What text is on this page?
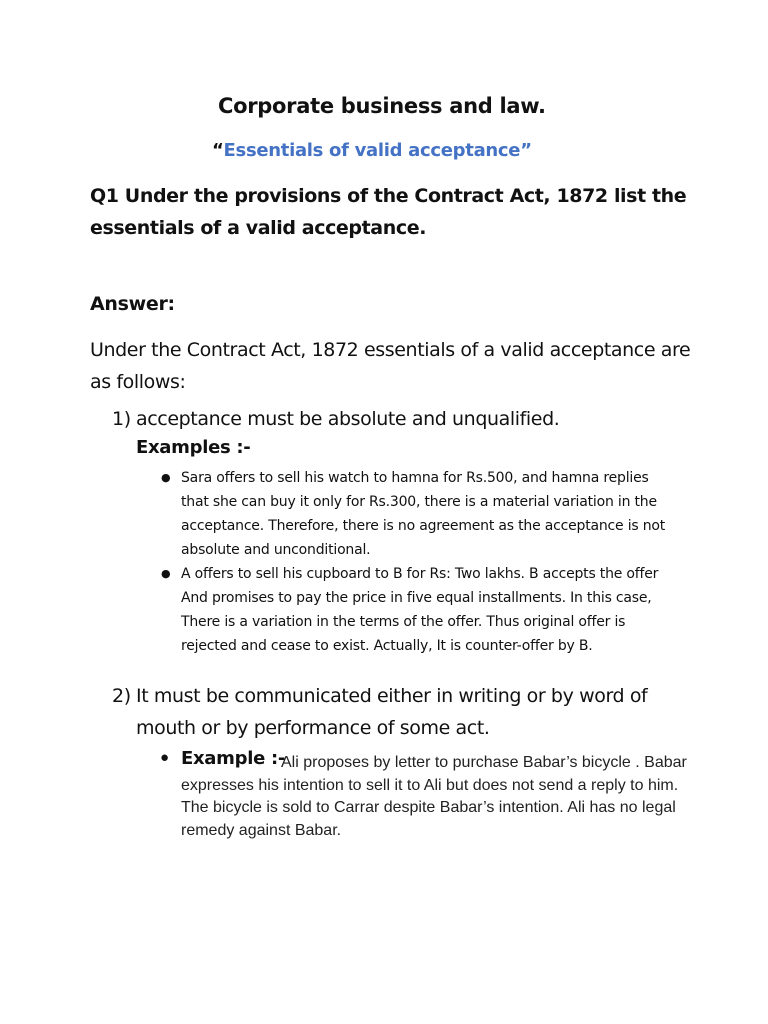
Corporate business and law.
“Essentials of valid acceptance”

Q1 Under the provisions of the Contract Act, 1872 list the essentials of a valid acceptance.

Answer:

Under the Contract Act, 1872 essentials of a valid acceptance are as follows:

1) acceptance must be absolute and unqualified.

Examples :-

● Sara offers to sell his watch to hamna for Rs.500, and hamna replies that she can buy it only for Rs.300, there is a material variation in the acceptance. Therefore, there is no agreement as the acceptance is not absolute and unconditional.
● A offers to sell his cupboard to B for Rs: Two lakhs. B accepts the offer And promises to pay the price in five equal installments. In this case, There is a variation in the terms of the offer. Thus original offer is rejected and cease to exist. Actually, It is counter-offer by B.

2) It must be communicated either in writing or by word of mouth or by performance of some act.

● Example :-

Ali proposes by letter to purchase Babar’s bicycle . Babar expresses his intention to sell it to Ali but does not send a reply to him. The bicycle is sold to Carrar despite Babar’s intention. Ali has no legal remedy against Babar.
